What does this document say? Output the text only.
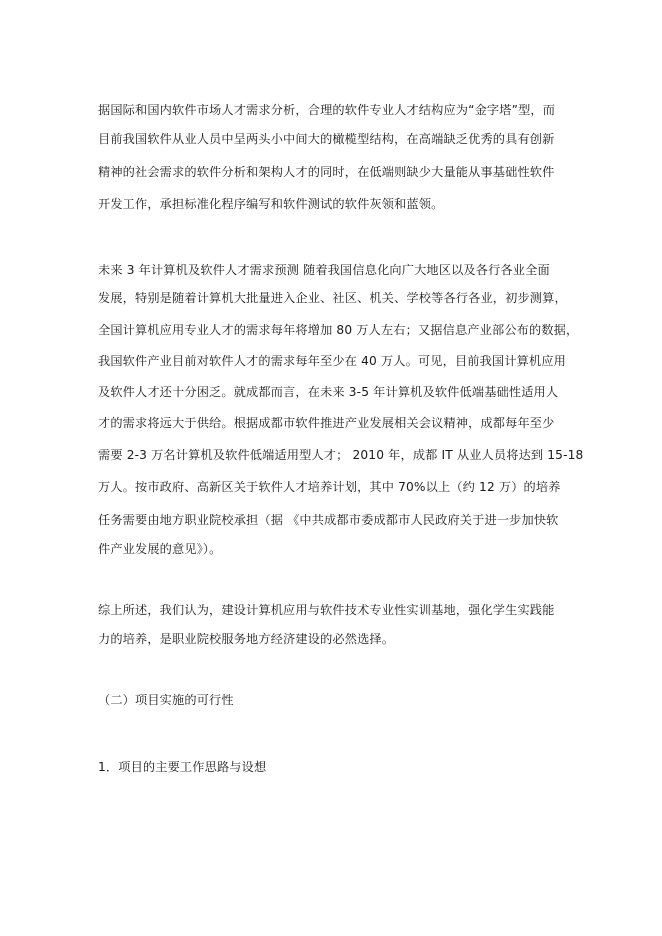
据国际和国内软件市场人才需求分析，合理的软件专业人才结构应为“金字塔”型，而
目前我国软件从业人员中呈两头小中间大的橄榄型结构，在高端缺乏优秀的具有创新
精神的社会需求的软件分析和架构人才的同时，在低端则缺少大量能从事基础性软件
开发工作，承担标准化程序编写和软件测试的软件灰领和蓝领。
未来 3 年计算机及软件人才需求预测 随着我国信息化向广大地区以及各行各业全面
发展，特别是随着计算机大批量进入企业、社区、机关、学校等各行各业，初步测算，
全国计算机应用专业人才的需求每年将增加 80 万人左右；又据信息产业部公布的数据，
我国软件产业目前对软件人才的需求每年至少在 40 万人。可见，目前我国计算机应用
及软件人才还十分困乏。就成都而言，在未来 3-5 年计算机及软件低端基础性适用人
才的需求将远大于供给。根据成都市软件推进产业发展相关会议精神，成都每年至少
需要 2-3 万名计算机及软件低端适用型人才； 2010 年，成都 IT 从业人员将达到 15-18
万人。按市政府、高新区关于软件人才培养计划，其中 70%以上（约 12 万）的培养
任务需要由地方职业院校承担（据 《中共成都市委成都市人民政府关于进一步加快软
件产业发展的意见》）。
综上所述，我们认为，建设计算机应用与软件技术专业性实训基地，强化学生实践能
力的培养，是职业院校服务地方经济建设的必然选择。
（二）项目实施的可行性
1．项目的主要工作思路与设想
